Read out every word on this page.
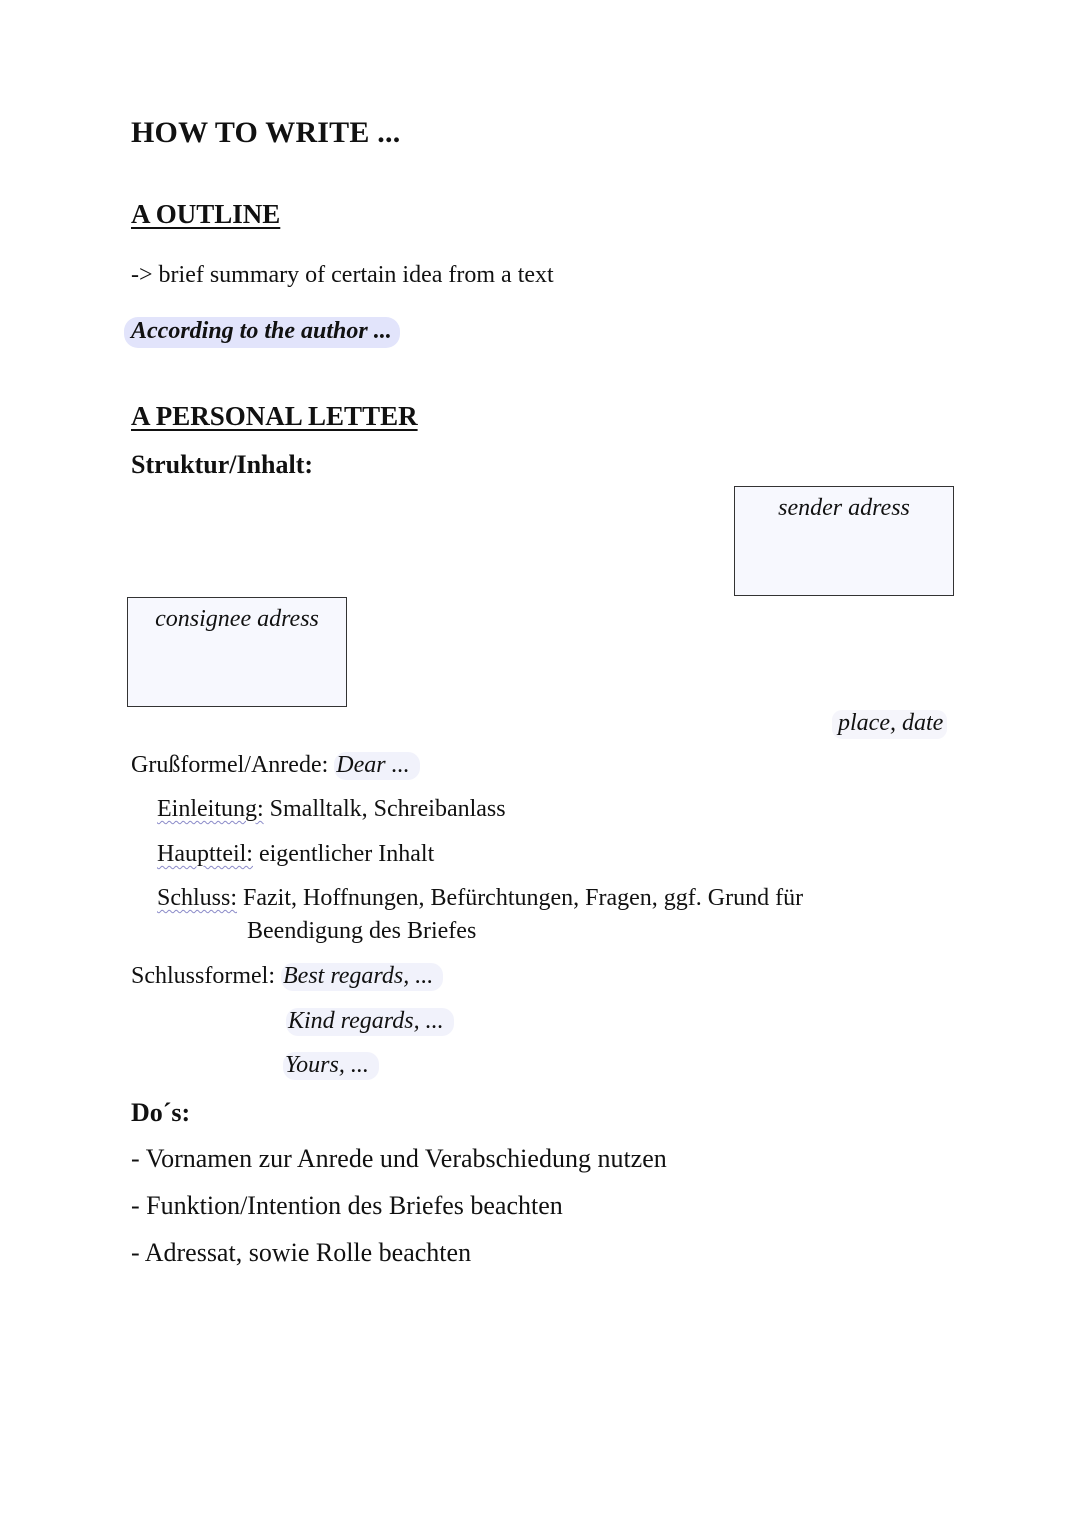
HOW TO WRITE ...
A OUTLINE
-> brief summary of certain idea from a text
According to the author ...
A PERSONAL LETTER
Struktur/Inhalt:
sender adress
consignee adress
place, date
Grußformel/Anrede: Dear ...
Einleitung: Smalltalk, Schreibanlass
Hauptteil: eigentlicher Inhalt
Schluss: Fazit, Hoffnungen, Befürchtungen, Fragen, ggf. Grund für
Beendigung des Briefes
Schlussformel: Best regards, ...
Kind regards, ...
Yours, ...
Do´s:
- Vornamen zur Anrede und Verabschiedung nutzen
- Funktion/Intention des Briefes beachten
- Adressat, sowie Rolle beachten
